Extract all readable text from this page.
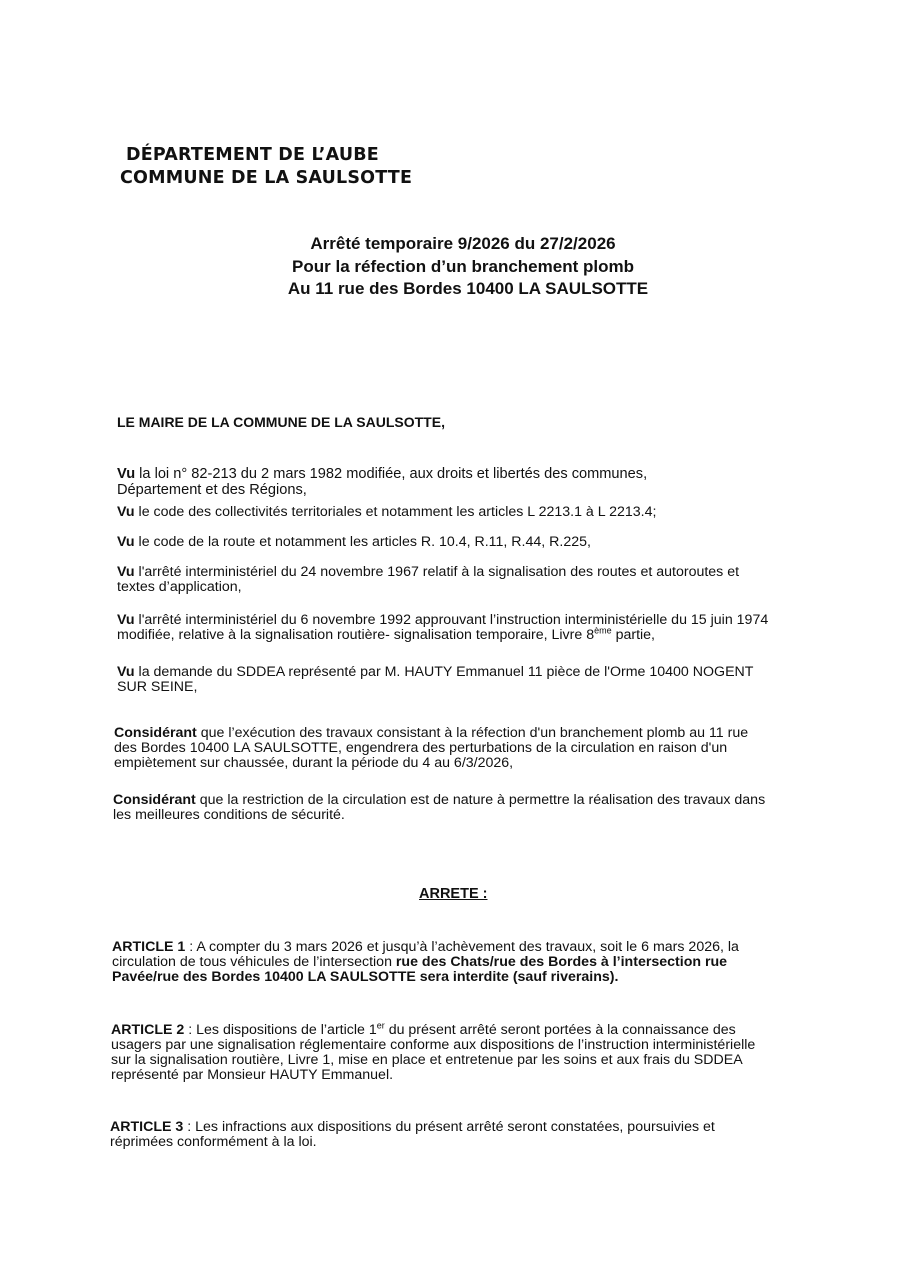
DÉPARTEMENT DE L’AUBE
COMMUNE DE LA SAULSOTTE
Arrêté temporaire 9/2026 du 27/2/2026
Pour la réfection d’un branchement plomb
Au 11 rue des Bordes 10400 LA SAULSOTTE
LE MAIRE DE LA COMMUNE DE LA SAULSOTTE,
Vu la loi n° 82-213 du 2 mars 1982 modifiée, aux droits et libertés des communes,
Département et des Régions,
Vu le code des collectivités territoriales et notamment les articles L 2213.1 à L 2213.4;
Vu le code de la route et notamment les articles R. 10.4, R.11, R.44, R.225,
Vu l'arrêté interministériel du 24 novembre 1967 relatif à la signalisation des routes et autoroutes et
textes d’application,
Vu l'arrêté interministériel du 6 novembre 1992 approuvant l’instruction interministérielle du 15 juin 1974
modifiée, relative à la signalisation routière- signalisation temporaire, Livre 8ème partie,
Vu la demande du SDDEA représenté par M. HAUTY Emmanuel 11 pièce de l'Orme 10400 NOGENT
SUR SEINE,
Considérant que l’exécution des travaux consistant à la réfection d'un branchement plomb au 11 rue
des Bordes 10400 LA SAULSOTTE, engendrera des perturbations de la circulation en raison d'un
empiètement sur chaussée, durant la période du 4 au 6/3/2026,
Considérant que la restriction de la circulation est de nature à permettre la réalisation des travaux dans
les meilleures conditions de sécurité.
ARRETE :
ARTICLE 1 : A compter du 3 mars 2026 et jusqu’à l’achèvement des travaux, soit le 6 mars 2026, la
circulation de tous véhicules de l’intersection rue des Chats/rue des Bordes à l’intersection rue
Pavée/rue des Bordes 10400 LA SAULSOTTE sera interdite (sauf riverains).
ARTICLE 2 : Les dispositions de l’article 1er du présent arrêté seront portées à la connaissance des
usagers par une signalisation réglementaire conforme aux dispositions de l’instruction interministérielle
sur la signalisation routière, Livre 1, mise en place et entretenue par les soins et aux frais du SDDEA
représenté par Monsieur HAUTY Emmanuel.
ARTICLE 3 : Les infractions aux dispositions du présent arrêté seront constatées, poursuivies et
réprimées conformément à la loi.
